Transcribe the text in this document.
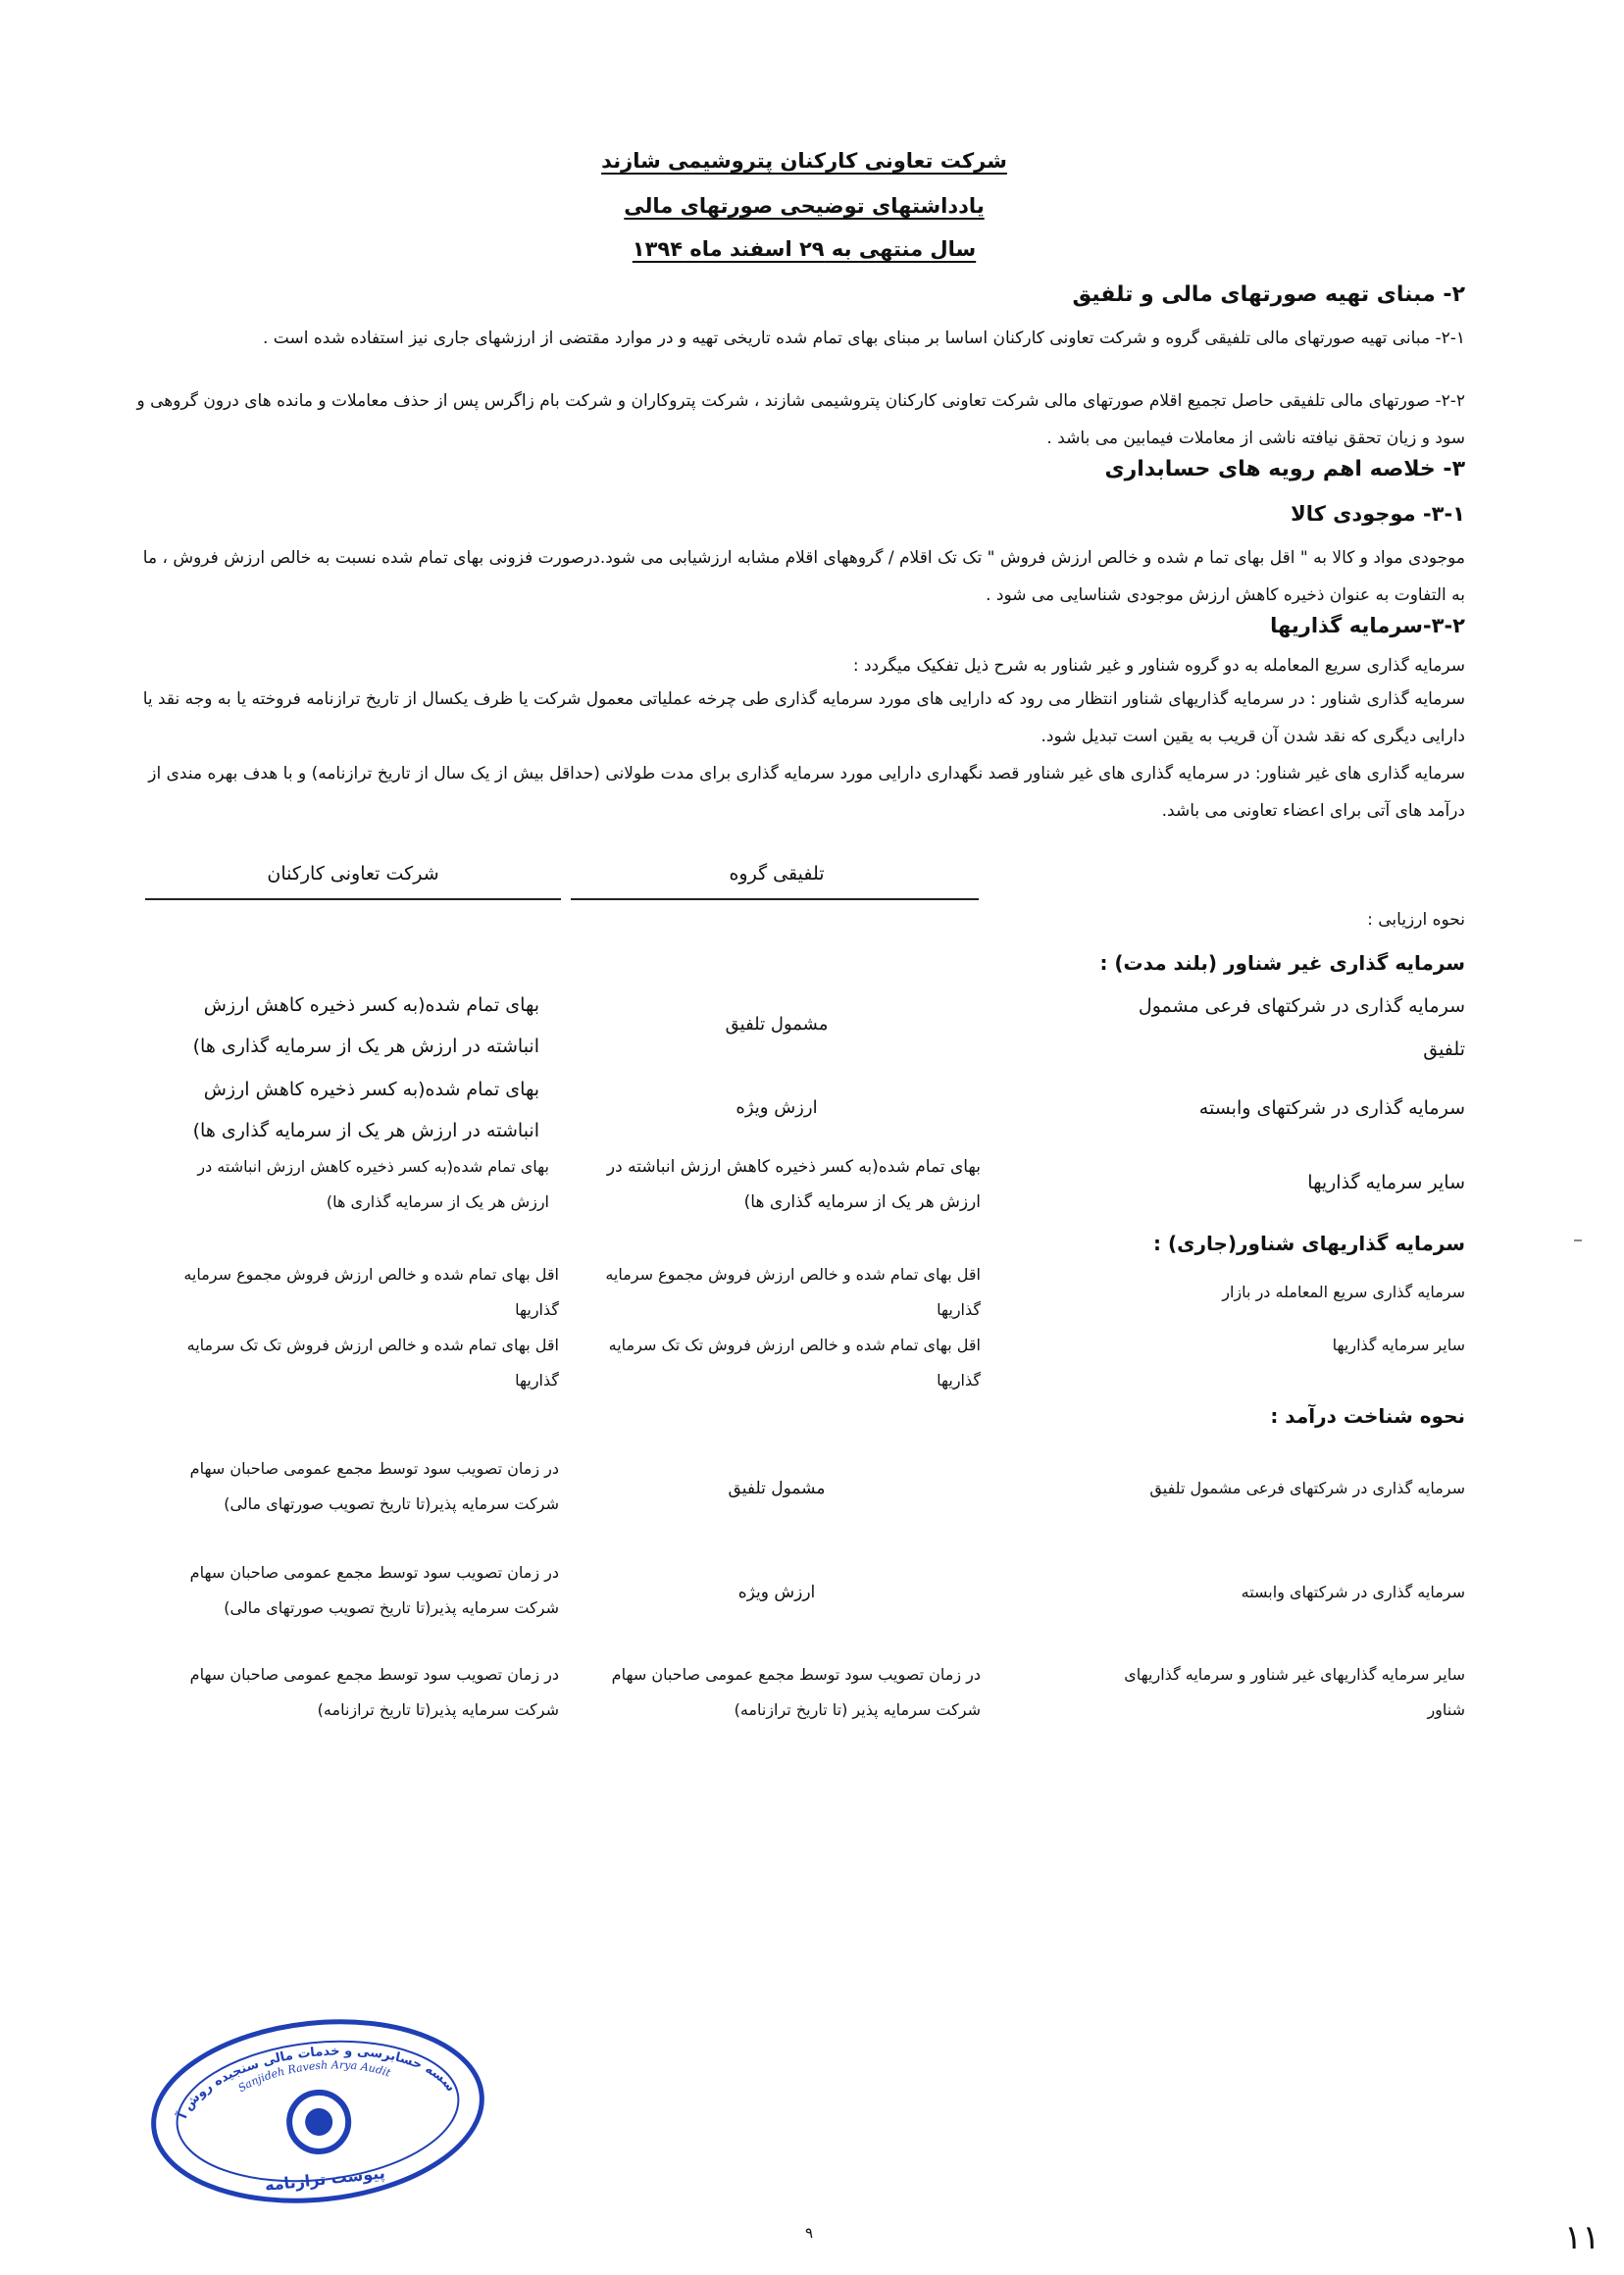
شرکت تعاونی کارکنان پتروشیمی شازند
یادداشتهای توضیحی صورتهای مالی
سال منتهی به ۲۹ اسفند ماه ۱۳۹۴
۲- مبنای تهیه صورتهای مالی و تلفیق
۲-۱- مبانی تهیه صورتهای مالی تلفیقی گروه و شرکت تعاونی کارکنان اساسا بر مبنای بهای تمام شده تاریخی تهیه و در موارد مقتضی از ارزشهای جاری نیز استفاده شده است .
۲-۲- صورتهای مالی تلفیقی حاصل تجمیع اقلام صورتهای مالی شرکت تعاونی کارکنان پتروشیمی شازند ، شرکت پتروکاران و شرکت بام زاگرس پس از حذف معاملات و مانده های درون گروهی و سود و زیان تحقق نیافته ناشی از معاملات فیمابین می باشد .
۳- خلاصه اهم رویه های حسابداری
۳-۱- موجودی کالا
موجودی مواد و کالا به " اقل بهای تما م شده و خالص ارزش فروش " تک تک اقلام / گروههای اقلام مشابه ارزشیابی می شود.درصورت فزونی بهای تمام شده نسبت به خالص ارزش فروش ، ما به التفاوت به عنوان ذخیره کاهش ارزش موجودی شناسایی می شود .
۳-۲-سرمایه گذاریها
سرمایه گذاری سریع المعامله به دو گروه شناور و غیر شناور به شرح ذیل تفکیک میگردد :
سرمایه گذاری شناور : در سرمایه گذاریهای شناور انتظار می رود که دارایی های مورد سرمایه گذاری طی چرخه عملیاتی معمول شرکت یا ظرف یکسال از تاریخ ترازنامه فروخته یا به وجه نقد یا دارایی دیگری که نقد شدن آن قریب به یقین است تبدیل شود.
سرمایه گذاری های غیر شناور: در سرمایه گذاری های غیر شناور قصد نگهداری دارایی مورد سرمایه گذاری برای مدت طولانی (حداقل بیش از یک سال از تاریخ ترازنامه) و با هدف بهره مندی از درآمد های آتی برای اعضاء تعاونی می باشد.
تلفیقی گروه
شرکت تعاونی کارکنان
نحوه ارزیابی :
سرمایه گذاری غیر شناور (بلند مدت) :
سرمایه گذاری در شرکتهای فرعی مشمول تلفیق
مشمول تلفیق
بهای تمام شده(به کسر ذخیره کاهش ارزش انباشته در ارزش هر یک از سرمایه گذاری ها)
سرمایه گذاری در شرکتهای وابسته
ارزش ویژه
بهای تمام شده(به کسر ذخیره کاهش ارزش انباشته در ارزش هر یک از سرمایه گذاری ها)
سایر سرمایه گذاریها
بهای تمام شده(به کسر ذخیره کاهش ارزش انباشته در ارزش هر یک از سرمایه گذاری ها)
بهای تمام شده(به کسر ذخیره کاهش ارزش انباشته در ارزش هر یک از سرمایه گذاری ها)
سرمایه گذاریهای شناور(جاری) :
سرمایه گذاری سریع المعامله در بازار
اقل بهای تمام شده و خالص ارزش فروش مجموع سرمایه گذاریها
اقل بهای تمام شده و خالص ارزش فروش مجموع سرمایه گذاریها
سایر سرمایه گذاریها
اقل بهای تمام شده و خالص ارزش فروش تک تک سرمایه گذاریها
اقل بهای تمام شده و خالص ارزش فروش تک تک سرمایه گذاریها
نحوه شناخت درآمد :
سرمایه گذاری در شرکتهای فرعی مشمول تلفیق
مشمول تلفیق
در زمان تصویب سود توسط مجمع عمومی صاحبان سهام شرکت سرمایه پذیر(تا تاریخ تصویب صورتهای مالی)
سرمایه گذاری در شرکتهای وابسته
ارزش ویژه
در زمان تصویب سود توسط مجمع عمومی صاحبان سهام شرکت سرمایه پذیر(تا تاریخ تصویب صورتهای مالی)
سایر سرمایه گذاریهای غیر شناور و سرمایه گذاریهای شناور
در زمان تصویب سود توسط مجمع عمومی صاحبان سهام شرکت سرمایه پذیر (تا تاریخ ترازنامه)
در زمان تصویب سود توسط مجمع عمومی صاحبان سهام شرکت سرمایه پذیر(تا تاریخ ترازنامه)
موسسه حسابرسی و خدمات مالی سنجیده روش آریا
Sanjideh Ravesh Arya Audit
پیوست ترازنامه
۹	۱۱
